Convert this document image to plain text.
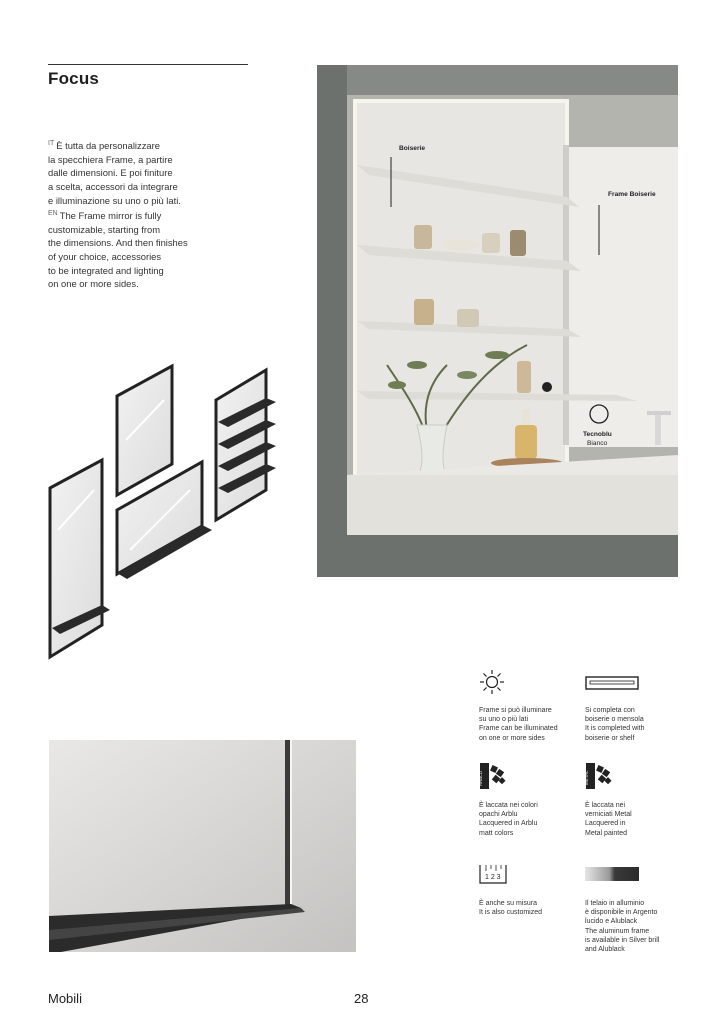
Focus

$^{IT}$ È tutta da personalizzare

la specchiera Frame, a partire

dalle dimensioni. E poi finiture

a scelta, accessori da integrare

e illuminazione su uno o più lati.

$^{EN}$ The Frame mirror is fully

customizable, starting from

the dimensions. And then finishes

of your choice, accessories

to be integrated and lighting

on one or more sides.

Boiserie
Frame Boiserie
Tecnoblu
Bianco
ARBLU	METAL
1 2 3

Frame si può illuminare

su uno o più lati

Frame can be illuminated

on one or more sides

Si completa con

boiserie o mensola

It is completed with

boiserie or shelf

È laccata nei colori

opachi Arblu

Lacquered in Arblu

matt colors

È laccata nei

verniciati Metal

Lacquered in

Metal painted

È anche su misura

It is also customized

Il telaio in alluminio

è disponibile in Argento

lucido e Alublack

The aluminum frame

is available in Silver brill

and Alublack

Mobili	28
